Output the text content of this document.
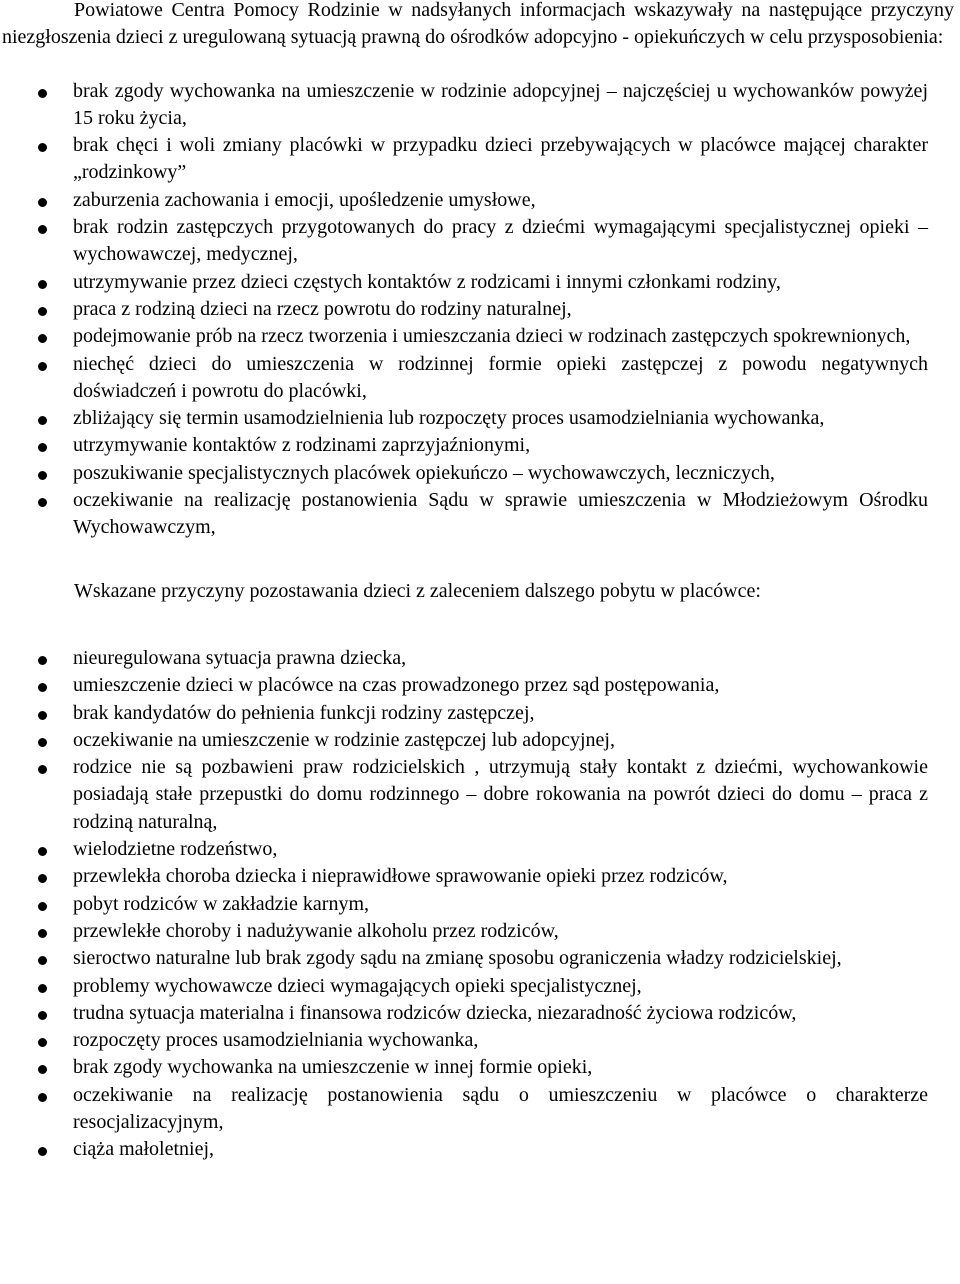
Powiatowe Centra Pomocy Rodzinie w nadsyłanych informacjach wskazywały na następujące przyczyny niezgłoszenia dzieci z uregulowaną sytuacją prawną do ośrodków adopcyjno - opiekuńczych w celu przysposobienia:

brak zgody wychowanka na umieszczenie w rodzinie adopcyjnej – najczęściej u wychowanków powyżej 15 roku życia,
brak chęci i woli zmiany placówki w przypadku dzieci przebywających w placówce mającej charakter „rodzinkowy”
zaburzenia zachowania i emocji, upośledzenie umysłowe,
brak rodzin zastępczych przygotowanych do pracy z dziećmi wymagającymi specjalistycznej opieki – wychowawczej, medycznej,
utrzymywanie przez dzieci częstych kontaktów z rodzicami i innymi członkami rodziny,
praca z rodziną dzieci na rzecz powrotu do rodziny naturalnej,
podejmowanie prób na rzecz tworzenia i umieszczania dzieci w rodzinach zastępczych spokrewnionych,
niechęć dzieci do umieszczenia w rodzinnej formie opieki zastępczej z powodu negatywnych doświadczeń i powrotu do placówki,
zbliżający się termin usamodzielnienia lub rozpoczęty proces usamodzielniania wychowanka,
utrzymywanie kontaktów z rodzinami zaprzyjaźnionymi,
poszukiwanie specjalistycznych placówek opiekuńczo – wychowawczych, leczniczych,
oczekiwanie na realizację postanowienia Sądu w sprawie umieszczenia w Młodzieżowym Ośrodku Wychowawczym,

Wskazane przyczyny pozostawania dzieci z zaleceniem dalszego pobytu w placówce:

nieuregulowana sytuacja prawna dziecka,
umieszczenie dzieci w placówce na czas prowadzonego przez sąd postępowania,
brak kandydatów do pełnienia funkcji rodziny zastępczej,
oczekiwanie na umieszczenie w rodzinie zastępczej lub adopcyjnej,
rodzice nie są pozbawieni praw rodzicielskich , utrzymują stały kontakt z dziećmi, wychowankowie posiadają stałe przepustki do domu rodzinnego – dobre rokowania na powrót dzieci do domu – praca z rodziną naturalną,
wielodzietne rodzeństwo,
przewlekła choroba dziecka i nieprawidłowe sprawowanie opieki przez rodziców,
pobyt rodziców w zakładzie karnym,
przewlekłe choroby i nadużywanie alkoholu przez rodziców,
sieroctwo naturalne lub brak zgody sądu na zmianę sposobu ograniczenia władzy rodzicielskiej,
problemy wychowawcze dzieci wymagających opieki specjalistycznej,
trudna sytuacja materialna i finansowa rodziców dziecka, niezaradność życiowa rodziców,
rozpoczęty proces usamodzielniania wychowanka,
brak zgody wychowanka na umieszczenie w innej formie opieki,
oczekiwanie na realizację postanowienia sądu o umieszczeniu w placówce o charakterze resocjalizacyjnym,
ciąża małoletniej,
